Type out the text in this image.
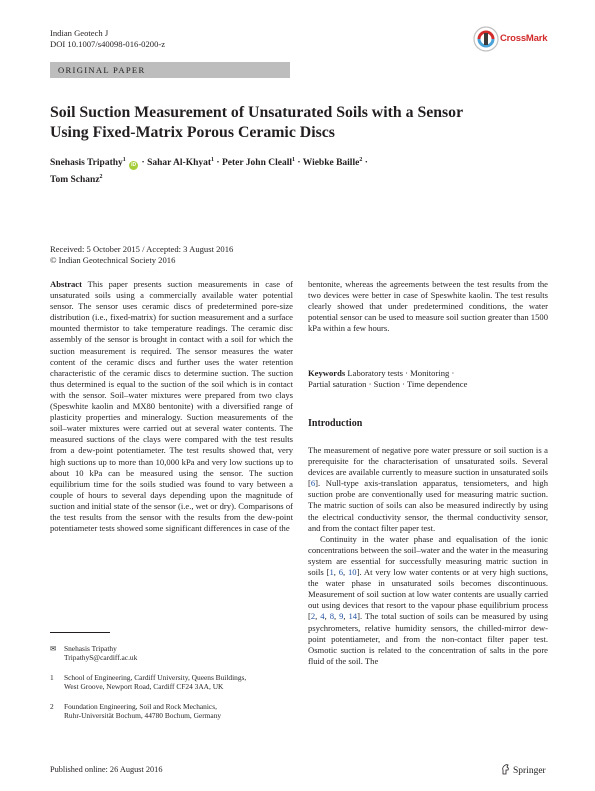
Indian Geotech J
DOI 10.1007/s40098-016-0200-z	CrossMark
ORIGINAL PAPER
Soil Suction Measurement of Unsaturated Soils with a Sensor
Using Fixed-Matrix Porous Ceramic Discs
Snehasis Tripathy$^1$ iD · Sahar Al-Khyat$^1$ · Peter John Cleall$^1$ · Wiebke Baille$^2$ ·
Tom Schanz$^2$
Received: 5 October 2015 / Accepted: 3 August 2016
© Indian Geotechnical Society 2016

Abstract This paper presents suction measurements in case of unsaturated soils using a commercially available water potential sensor. The sensor uses ceramic discs of predetermined pore-size distribution (i.e., fixed-matrix) for suction measurement and a surface mounted thermistor to take temperature readings. The ceramic disc assembly of the sensor is brought in contact with a soil for which the suction measurement is required. The sensor measures the water content of the ceramic discs and further uses the water retention characteristic of the ceramic discs to determine suction. The suction thus determined is equal to the suction of the soil which is in contact with the sensor. Soil–water mixtures were prepared from two clays (Speswhite kaolin and MX80 bentonite) with a diversified range of plasticity properties and mineralogy. Suction measurements of the soil–water mixtures were carried out at several water contents. The measured suctions of the clays were compared with the test results from a dew-point potentiameter. The test results showed that, very high suctions up to more than 10,000 kPa and very low suctions up to about 10 kPa can be measured using the sensor. The suction equilibrium time for the soils studied was found to vary between a couple of hours to several days depending upon the magnitude of suction and initial state of the sensor (i.e., wet or dry). Comparisons of the test results from the sensor with the results from the dew-point potentiameter tests showed some significant differences in case of the

bentonite, whereas the agreements between the test results from the two devices were better in case of Speswhite kaolin. The test results clearly showed that under predetermined conditions, the water potential sensor can be used to measure soil suction greater than 1500 kPa within a few hours.

Keywords Laboratory tests · Monitoring ·
Partial saturation · Suction · Time dependence
Introduction

The measurement of negative pore water pressure or soil suction is a prerequisite for the characterisation of unsaturated soils. Several devices are available currently to measure suction in unsaturated soils [6]. Null-type axis-translation apparatus, tensiometers, and high suction probe are conventionally used for measuring matric suction. The matric suction of soils can also be measured indirectly by using the electrical conductivity sensor, the thermal conductivity sensor, and from the contact filter paper test.

Continuity in the water phase and equalisation of the ionic concentrations between the soil–water and the water in the measuring system are essential for successfully measuring matric suction in soils [1, 6, 10]. At very low water contents or at very high suctions, the water phase in unsaturated soils becomes discontinuous. Measurement of soil suction at low water contents are usually carried out using devices that resort to the vapour phase equilibrium process [2, 4, 8, 9, 14]. The total suction of soils can be measured by using psychrometers, relative humidity sensors, the chilled-mirror dew-point potentiameter, and from the non-contact filter paper test. Osmotic suction is related to the concentration of salts in the pore fluid of the soil. The

✉ Snehasis Tripathy
TripathyS@cardiff.ac.uk
1 School of Engineering, Cardiff University, Queens Buildings,
West Groove, Newport Road, Cardiff CF24 3AA, UK
2 Foundation Engineering, Soil and Rock Mechanics,
Ruhr-Universität Bochum, 44780 Bochum, Germany
Published online: 26 August 2016	Springer
